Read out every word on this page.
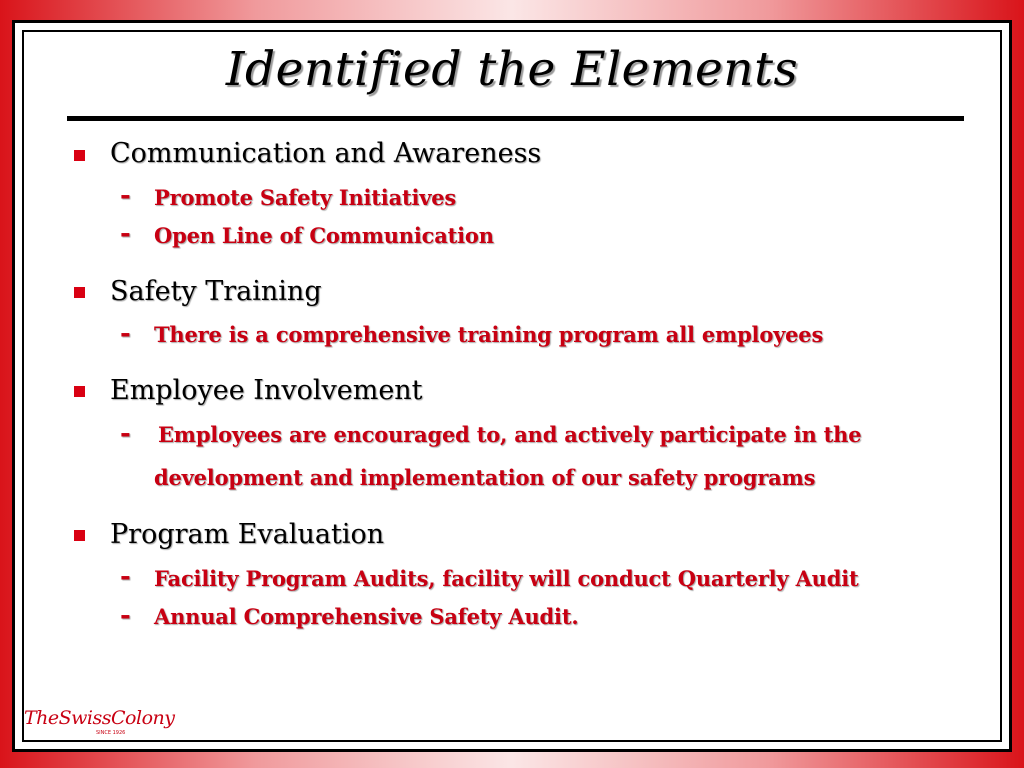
Identified the Elements
Communication and Awareness
- Promote Safety Initiatives
- Open Line of Communication
Safety Training
- There is a comprehensive training program all employees
Employee Involvement
- Employees are encouraged to, and actively participate in the
development and implementation of our safety programs
Program Evaluation
- Facility Program Audits, facility will conduct Quarterly Audit
- Annual Comprehensive Safety Audit.
TheSwissColony
SINCE 1926
